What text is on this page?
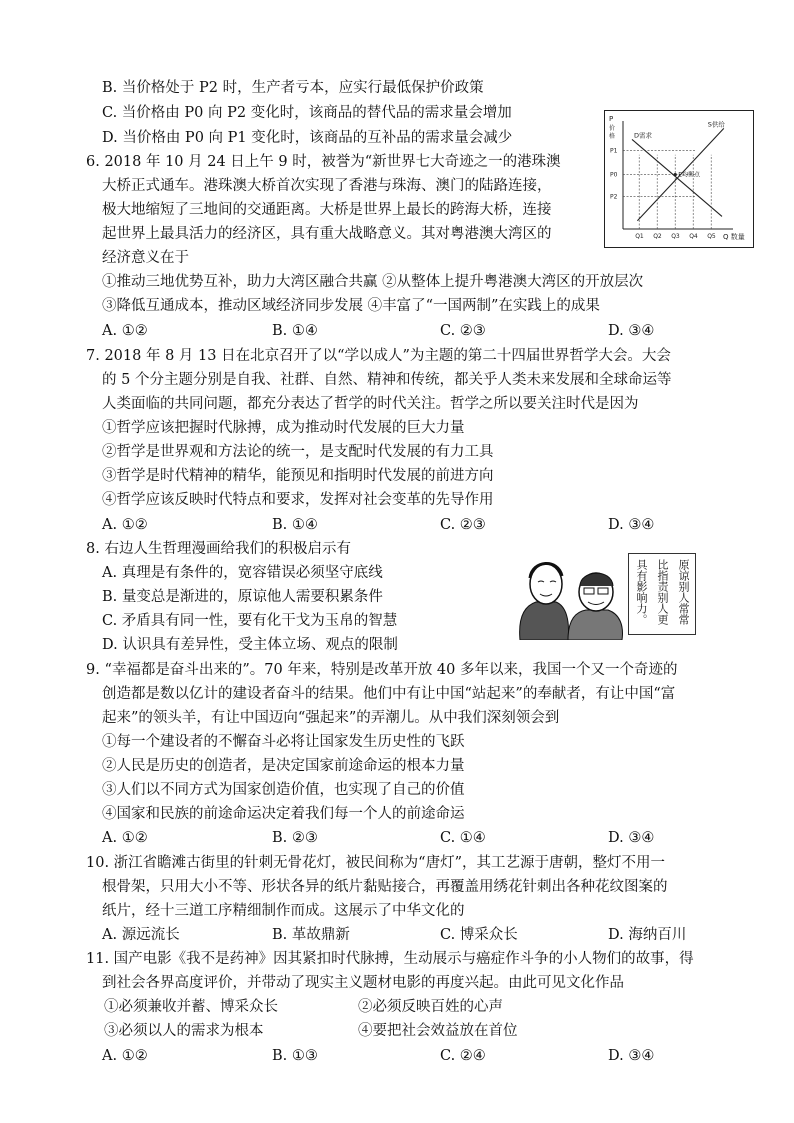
B. 当价格处于 P2 时，生产者亏本，应实行最低保护价政策
C. 当价格由 P0 向 P2 变化时，该商品的替代品的需求量会增加
D. 当价格由 P0 向 P1 变化时，该商品的互补品的需求量会减少
P
价
格
Q 数量
D需求
S供给
P1
P0
P2
Q1 Q2 Q3 Q4 Q5
E均衡点
6. 2018 年 10 月 24 日上午 9 时，被誉为“新世界七大奇迹之一的港珠澳
大桥正式通车。港珠澳大桥首次实现了香港与珠海、澳门的陆路连接，
极大地缩短了三地间的交通距离。大桥是世界上最长的跨海大桥，连接
起世界上最具活力的经济区，具有重大战略意义。其对粤港澳大湾区的
经济意义在于
①推动三地优势互补，助力大湾区融合共赢 ②从整体上提升粤港澳大湾区的开放层次
③降低互通成本，推动区域经济同步发展 ④丰富了“一国两制”在实践上的成果
A. ①②	B. ①④	C. ②③	D. ③④
7. 2018 年 8 月 13 日在北京召开了以“学以成人”为主题的第二十四届世界哲学大会。大会
的 5 个分主题分别是自我、社群、自然、精神和传统，都关乎人类未来发展和全球命运等
人类面临的共同问题，都充分表达了哲学的时代关注。哲学之所以要关注时代是因为
①哲学应该把握时代脉搏，成为推动时代发展的巨大力量
②哲学是世界观和方法论的统一，是支配时代发展的有力工具
③哲学是时代精神的精华，能预见和指明时代发展的前进方向
④哲学应该反映时代特点和要求，发挥对社会变革的先导作用
A. ①②	B. ①④	C. ②③	D. ③④
8. 右边人生哲理漫画给我们的积极启示有
A. 真理是有条件的，宽容错误必须坚守底线
B. 量变总是渐进的，原谅他人需要积累条件
C. 矛盾具有同一性，要有化干戈为玉帛的智慧
D. 认识具有差异性，受主体立场、观点的限制
原谅别人常常
比指责别人更
具有影响力。
9. “幸福都是奋斗出来的”。70 年来，特别是改革开放 40 多年以来，我国一个又一个奇迹的
创造都是数以亿计的建设者奋斗的结果。他们中有让中国“站起来”的奉献者，有让中国“富
起来”的领头羊，有让中国迈向“强起来”的弄潮儿。从中我们深刻领会到
①每一个建设者的不懈奋斗必将让国家发生历史性的飞跃
②人民是历史的创造者，是决定国家前途命运的根本力量
③人们以不同方式为国家创造价值，也实现了自己的价值
④国家和民族的前途命运决定着我们每一个人的前途命运
A. ①②	B. ②③	C. ①④	D. ③④
10. 浙江省瞻滩古街里的针刺无骨花灯，被民间称为“唐灯”，其工艺源于唐朝，整灯不用一
根骨架，只用大小不等、形状各异的纸片黏贴接合，再覆盖用绣花针刺出各种花纹图案的
纸片，经十三道工序精细制作而成。这展示了中华文化的
A. 源远流长	B. 革故鼎新	C. 博采众长	D. 海纳百川
11. 国产电影《我不是药神》因其紧扣时代脉搏，生动展示与癌症作斗争的小人物们的故事，得
到社会各界高度评价，并带动了现实主义题材电影的再度兴起。由此可见文化作品
①必须兼收并蓄、博采众长	②必须反映百姓的心声
③必须以人的需求为根本	④要把社会效益放在首位
A. ①②	B. ①③	C. ②④	D. ③④
